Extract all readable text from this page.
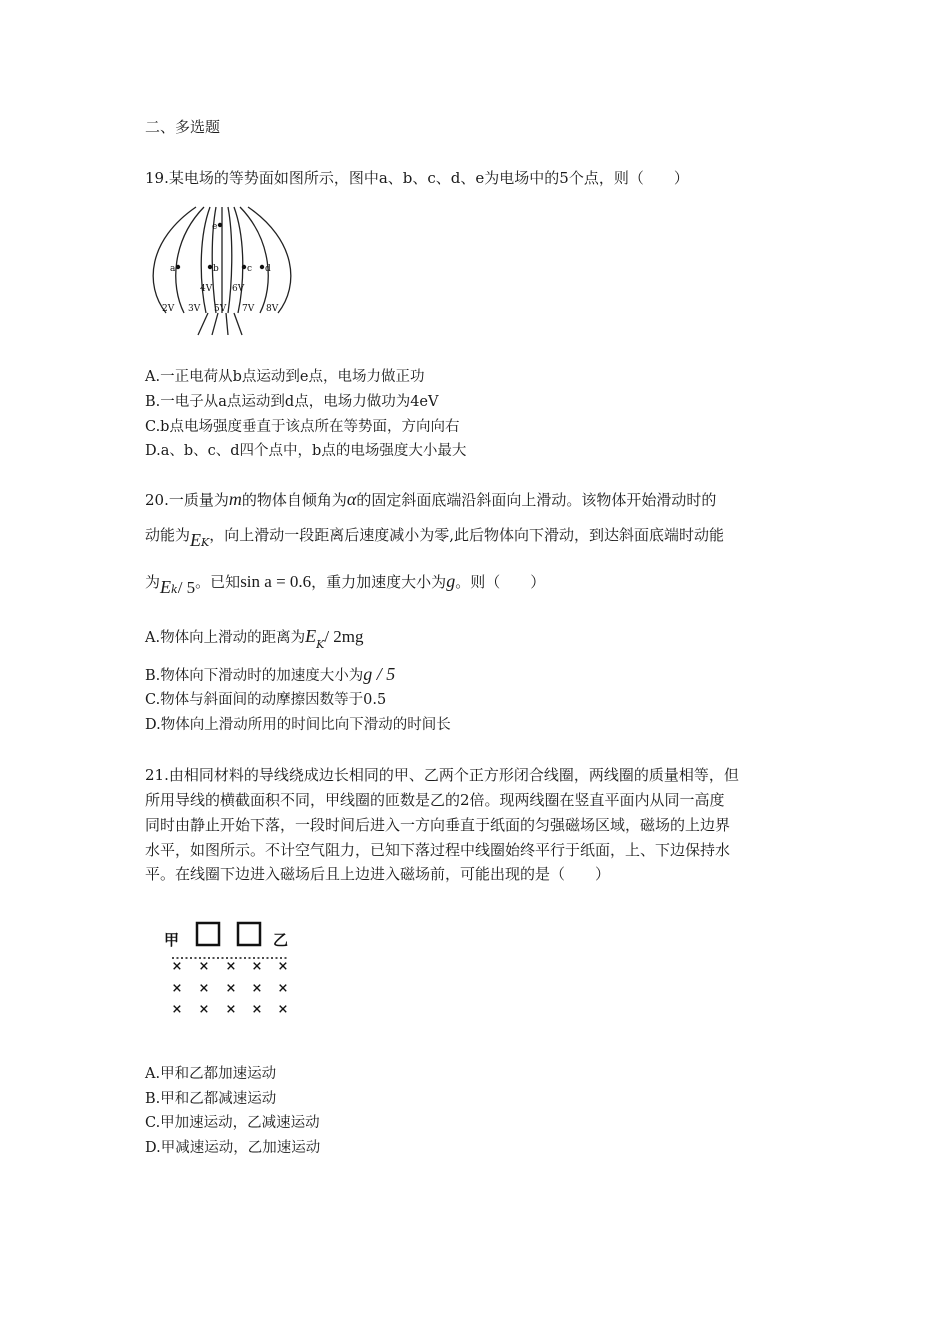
二、多选题
19.某电场的等势面如图所示，图中a、b、c、d、e为电场中的5个点，则（　　）
a	b	c d
e
4V 6V
2V 3V 5V 7V 8V
A.一正电荷从b点运动到e点，电场力做正功
B.一电子从a点运动到d点，电场力做功为4eV
C.b点电场强度垂直于该点所在等势面，方向向右
D.a、b、c、d四个点中，b点的电场强度大小最大
20.一质量为m的物体自倾角为α的固定斜面底端沿斜面向上滑动。该物体开始滑动时的
动能为$E_K$，向上滑动一段距离后速度减小为零,此后物体向下滑动，到达斜面底端时动能
为$E_k/$ 5。已知sin a = 0.6，重力加速度大小为g。则（　　）
A.物体向上滑动的距离为$E_K/$ 2mg
B.物体向下滑动时的加速度大小为g / 5
C.物体与斜面间的动摩擦因数等于0.5
D.物体向上滑动所用的时间比向下滑动的时间长
21.由相同材料的导线绕成边长相同的甲、乙两个正方形闭合线圈，两线圈的质量相等，但
所用导线的横截面积不同，甲线圈的匝数是乙的2倍。现两线圈在竖直平面内从同一高度
同时由静止开始下落，一段时间后进入一方向垂直于纸面的匀强磁场区域，磁场的上边界
水平，如图所示。不计空气阻力，已知下落过程中线圈始终平行于纸面，上、下边保持水
平。在线圈下边进入磁场后且上边进入磁场前，可能出现的是（　　）
甲	乙
× × × × ×
× × × × ×
× × × × ×
A.甲和乙都加速运动
B.甲和乙都减速运动
C.甲加速运动，乙减速运动
D.甲减速运动，乙加速运动
